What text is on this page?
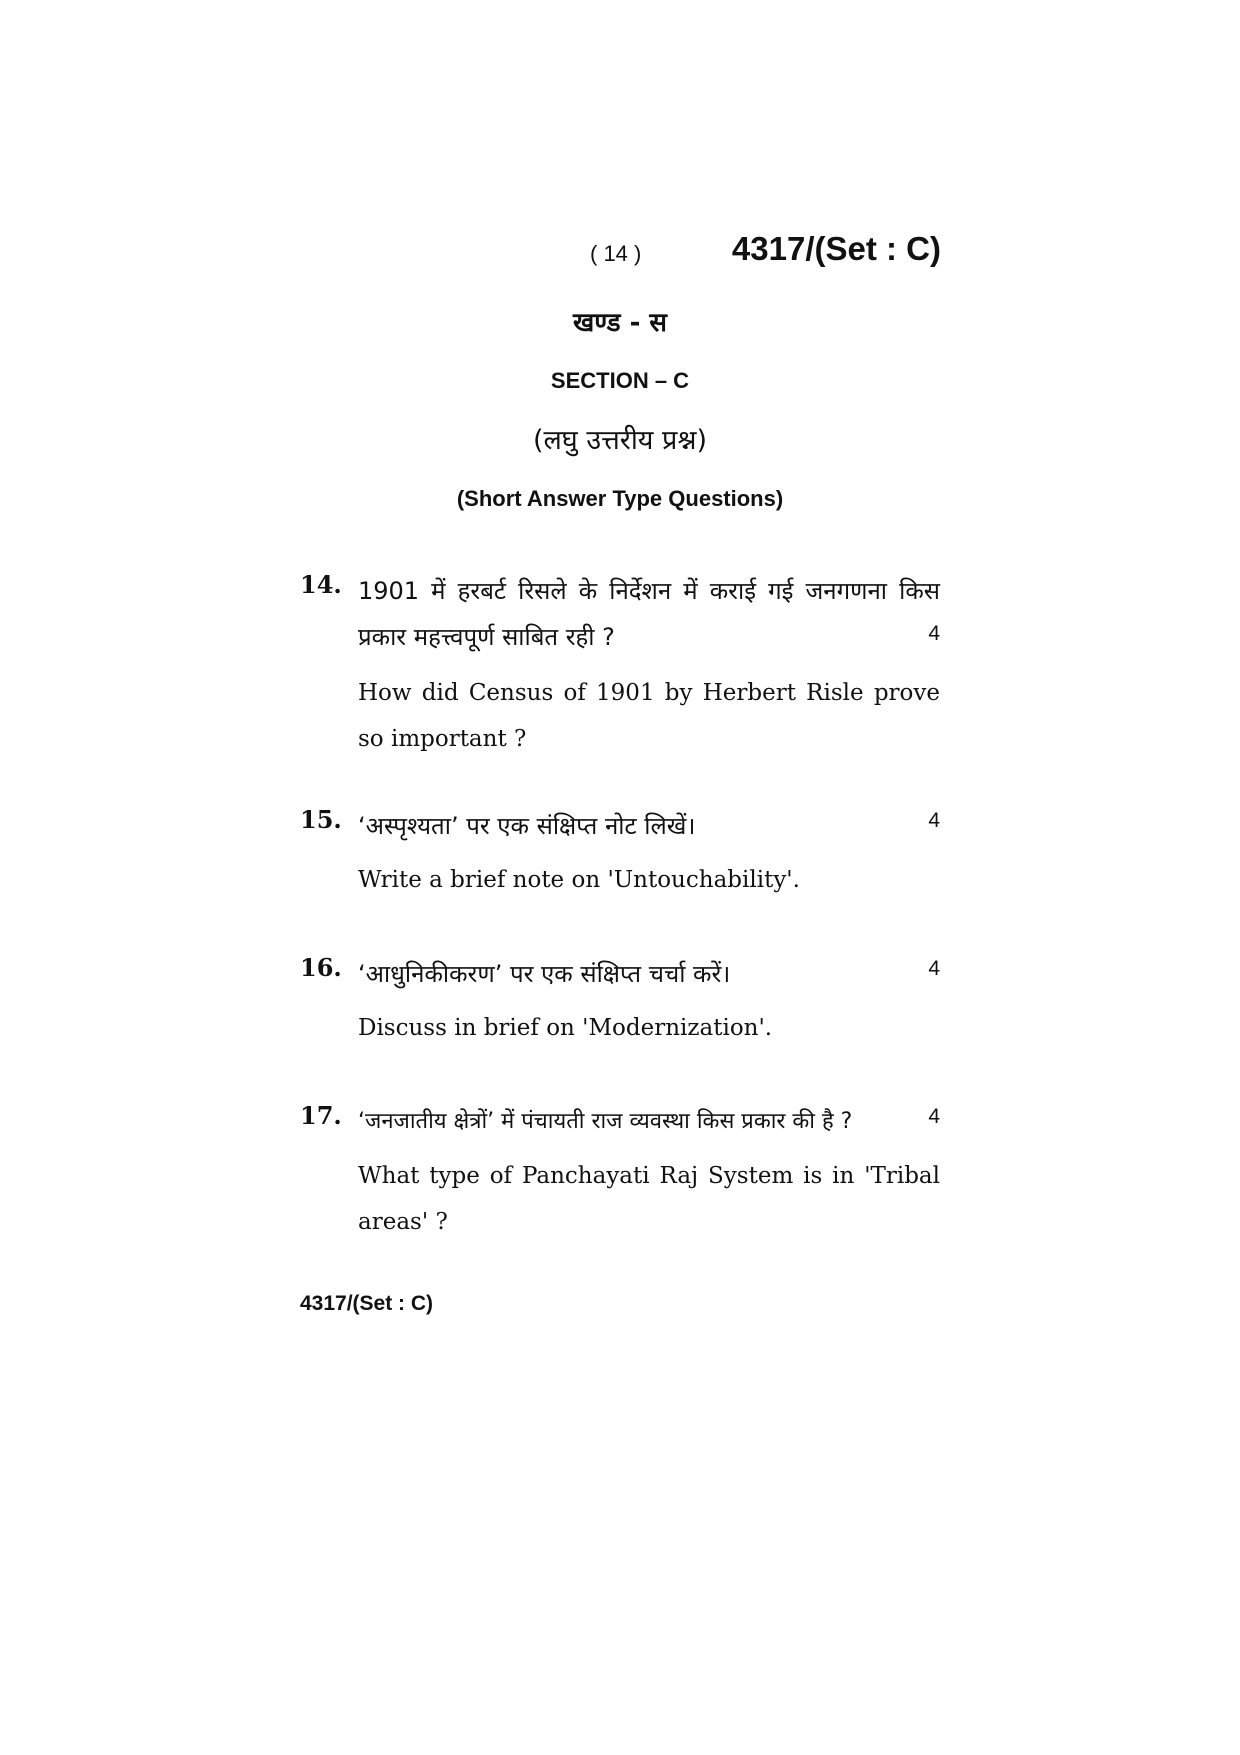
( 14 )	4317/(Set : C)
खण्ड - स
SECTION – C
(लघु उत्तरीय प्रश्न)
(Short Answer Type Questions)
14. 1901 में हरबर्ट रिसले के निर्देशन में कराई गई जनगणना किस प्रकार महत्त्वपूर्ण साबित रही ?	4
How did Census of 1901 by Herbert Risle prove so important ?
15. ‘अस्पृश्यता’ पर एक संक्षिप्त नोट लिखें।	4
Write a brief note on 'Untouchability'.
16. ‘आधुनिकीकरण’ पर एक संक्षिप्त चर्चा करें।	4
Discuss in brief on 'Modernization'.
17. ‘जनजातीय क्षेत्रों’ में पंचायती राज व्यवस्था किस प्रकार की है ?	4
What type of Panchayati Raj System is in 'Tribal areas' ?
4317/(Set : C)
